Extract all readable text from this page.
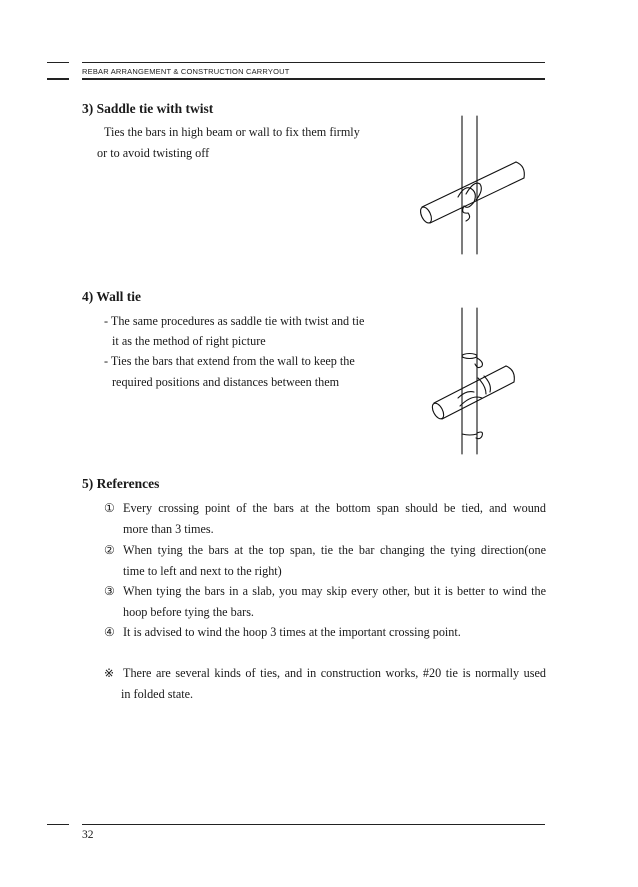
REBAR ARRANGEMENT & CONSTRUCTION CARRYOUT
3) Saddle tie with twist
Ties the bars in high beam or wall to fix them firmly
or to avoid twisting off
4) Wall tie
- The same procedures as saddle tie with twist and tie
it as the method of right picture
- Ties the bars that extend from the wall to keep the
required positions and distances between them
5) References
① Every crossing point of the bars at the bottom span should be tied, and wound
more than 3 times.
② When tying the bars at the top span, tie the bar changing the tying direction(one
time to left and next to the right)
③ When tying the bars in a slab, you may skip every other, but it is better to wind the
hoop before tying the bars.
④ It is advised to wind the hoop 3 times at the important crossing point.
※ There are several kinds of ties, and in construction works, #20 tie is normally used
in folded state.
32
